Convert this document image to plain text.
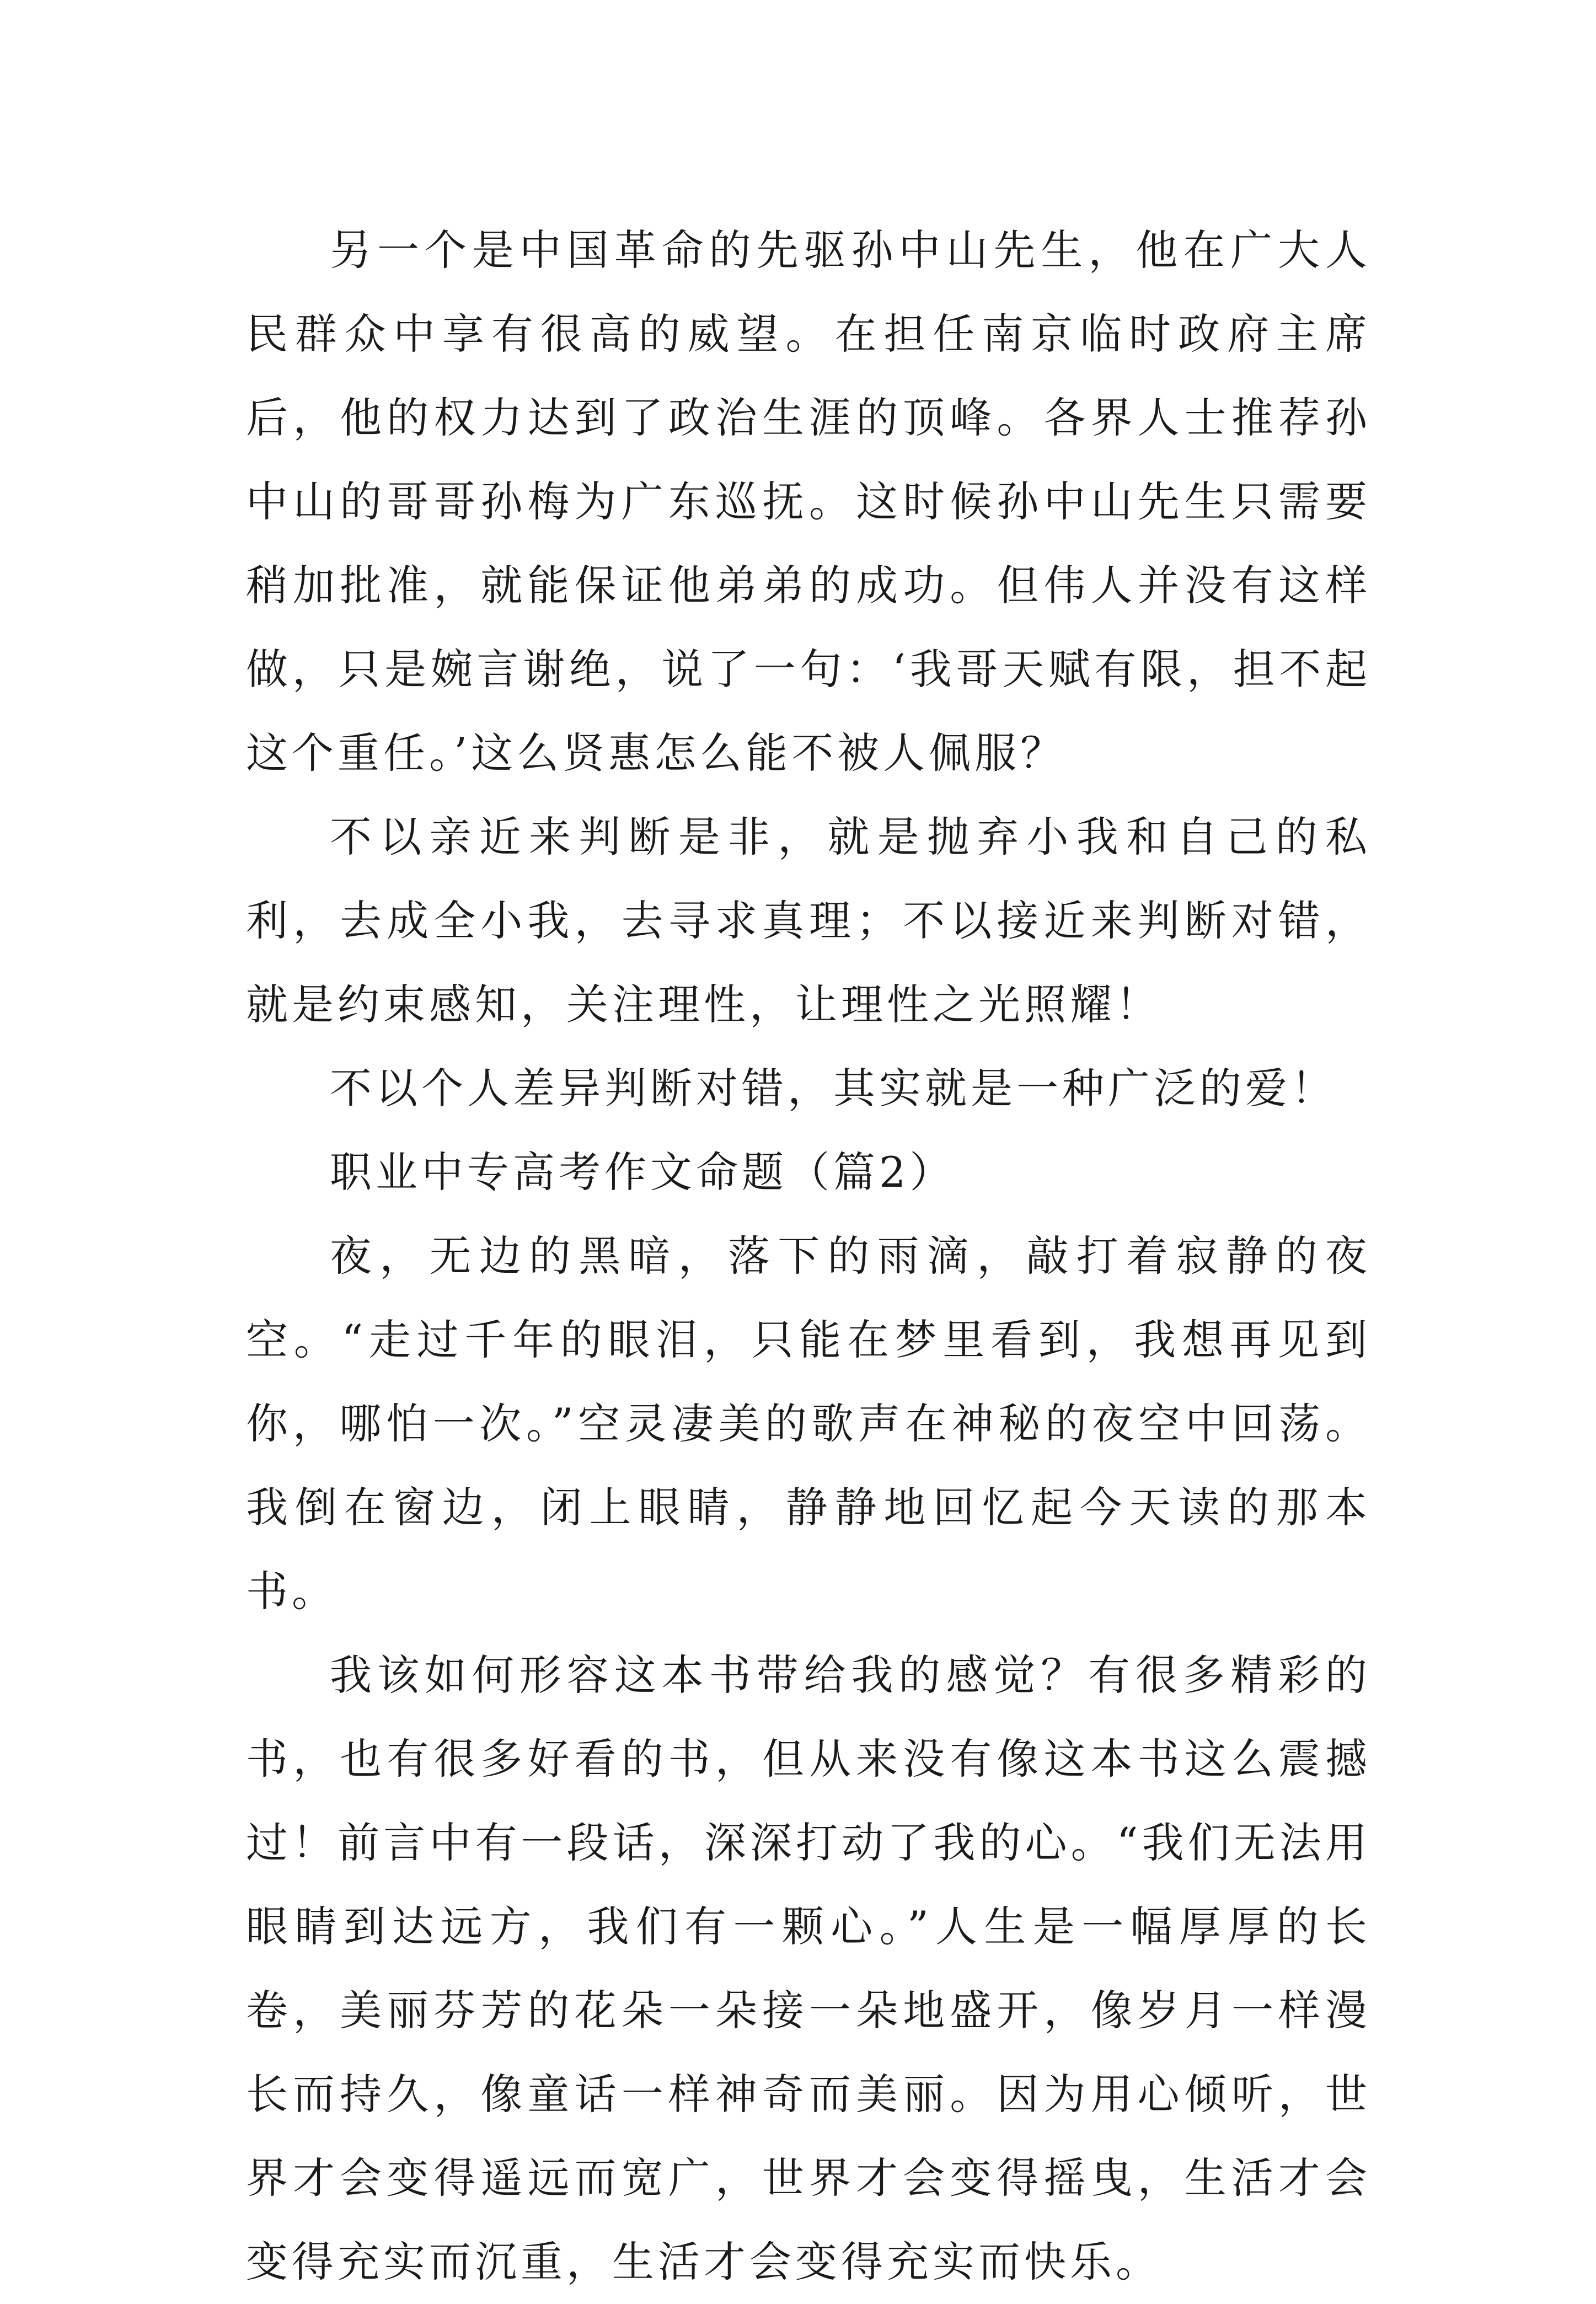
另一个是中国革命的先驱孙中山先生，他在广大人民群众中享有很高的威望。在担任南京临时政府主席后，他的权力达到了政治生涯的顶峰。各界人士推荐孙中山的哥哥孙梅为广东巡抚。这时候孙中山先生只需要稍加批准，就能保证他弟弟的成功。但伟人并没有这样做，只是婉言谢绝，说了一句：‘我哥天赋有限，担不起这个重任。’这么贤惠怎么能不被人佩服？

不以亲近来判断是非，就是抛弃小我和自己的私利，去成全小我，去寻求真理；不以接近来判断对错，就是约束感知，关注理性，让理性之光照耀！

不以个人差异判断对错，其实就是一种广泛的爱！

职业中专高考作文命题（篇2）

夜，无边的黑暗，落下的雨滴，敲打着寂静的夜空。“走过千年的眼泪，只能在梦里看到，我想再见到你，哪怕一次。”空灵凄美的歌声在神秘的夜空中回荡。我倒在窗边，闭上眼睛，静静地回忆起今天读的那本书。

我该如何形容这本书带给我的感觉？有很多精彩的书，也有很多好看的书，但从来没有像这本书这么震撼过！前言中有一段话，深深打动了我的心。“我们无法用眼睛到达远方，我们有一颗心。”人生是一幅厚厚的长卷，美丽芬芳的花朵一朵接一朵地盛开，像岁月一样漫长而持久，像童话一样神奇而美丽。因为用心倾听，世界才会变得遥远而宽广，世界才会变得摇曳，生活才会变得充实而沉重，生活才会变得充实而快乐。
